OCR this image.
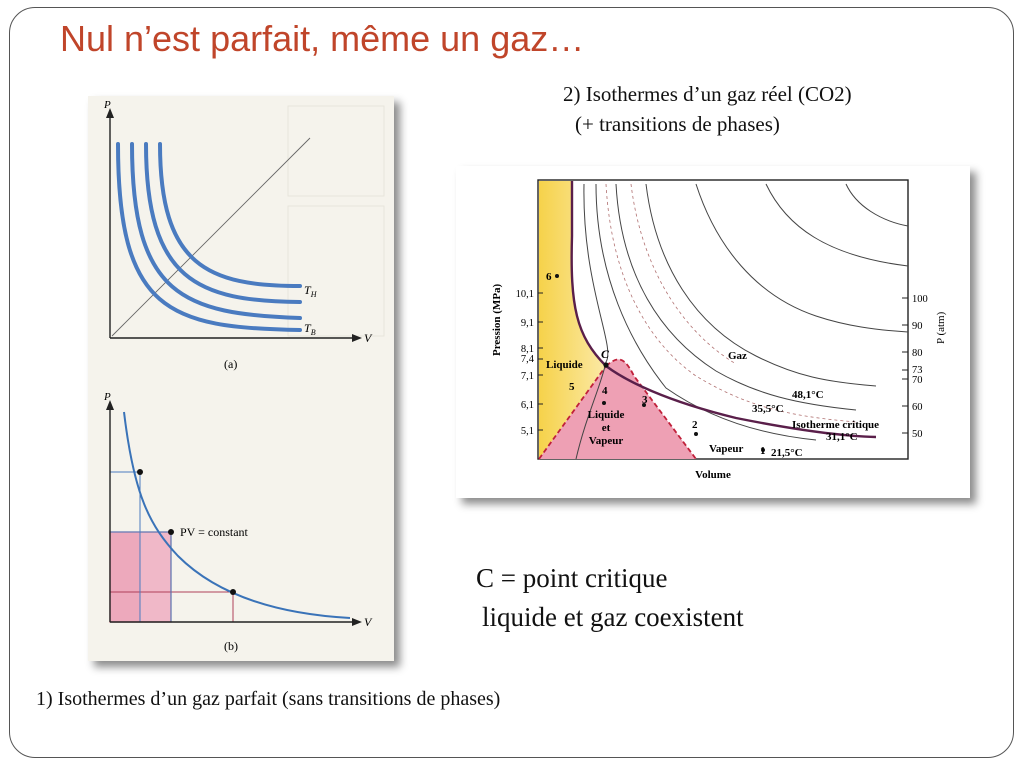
Nul n’est parfait, même un gaz…
2) Isothermes d’un gaz réel (CO2)
(+ transitions de phases)
C = point critique
liquide et gaz coexistent
1) Isothermes d’un gaz parfait (sans transitions de phases)
P
V
$T_H$
$T_B$
(a)
P
V
PV = constant
(b)
Pression (MPa) 10,1
9,1
8,1
7,4
7,1
6,1
5,1
100
90
80
73
70
60
50
P (atm)
Liquide
C
6
5	4
3
2
1
Liquide
et
Vapeur
Gaz
Vapeur
48,1°C
35,5°C
Isotherme critique
31,1°C
21,5°C
Volume
